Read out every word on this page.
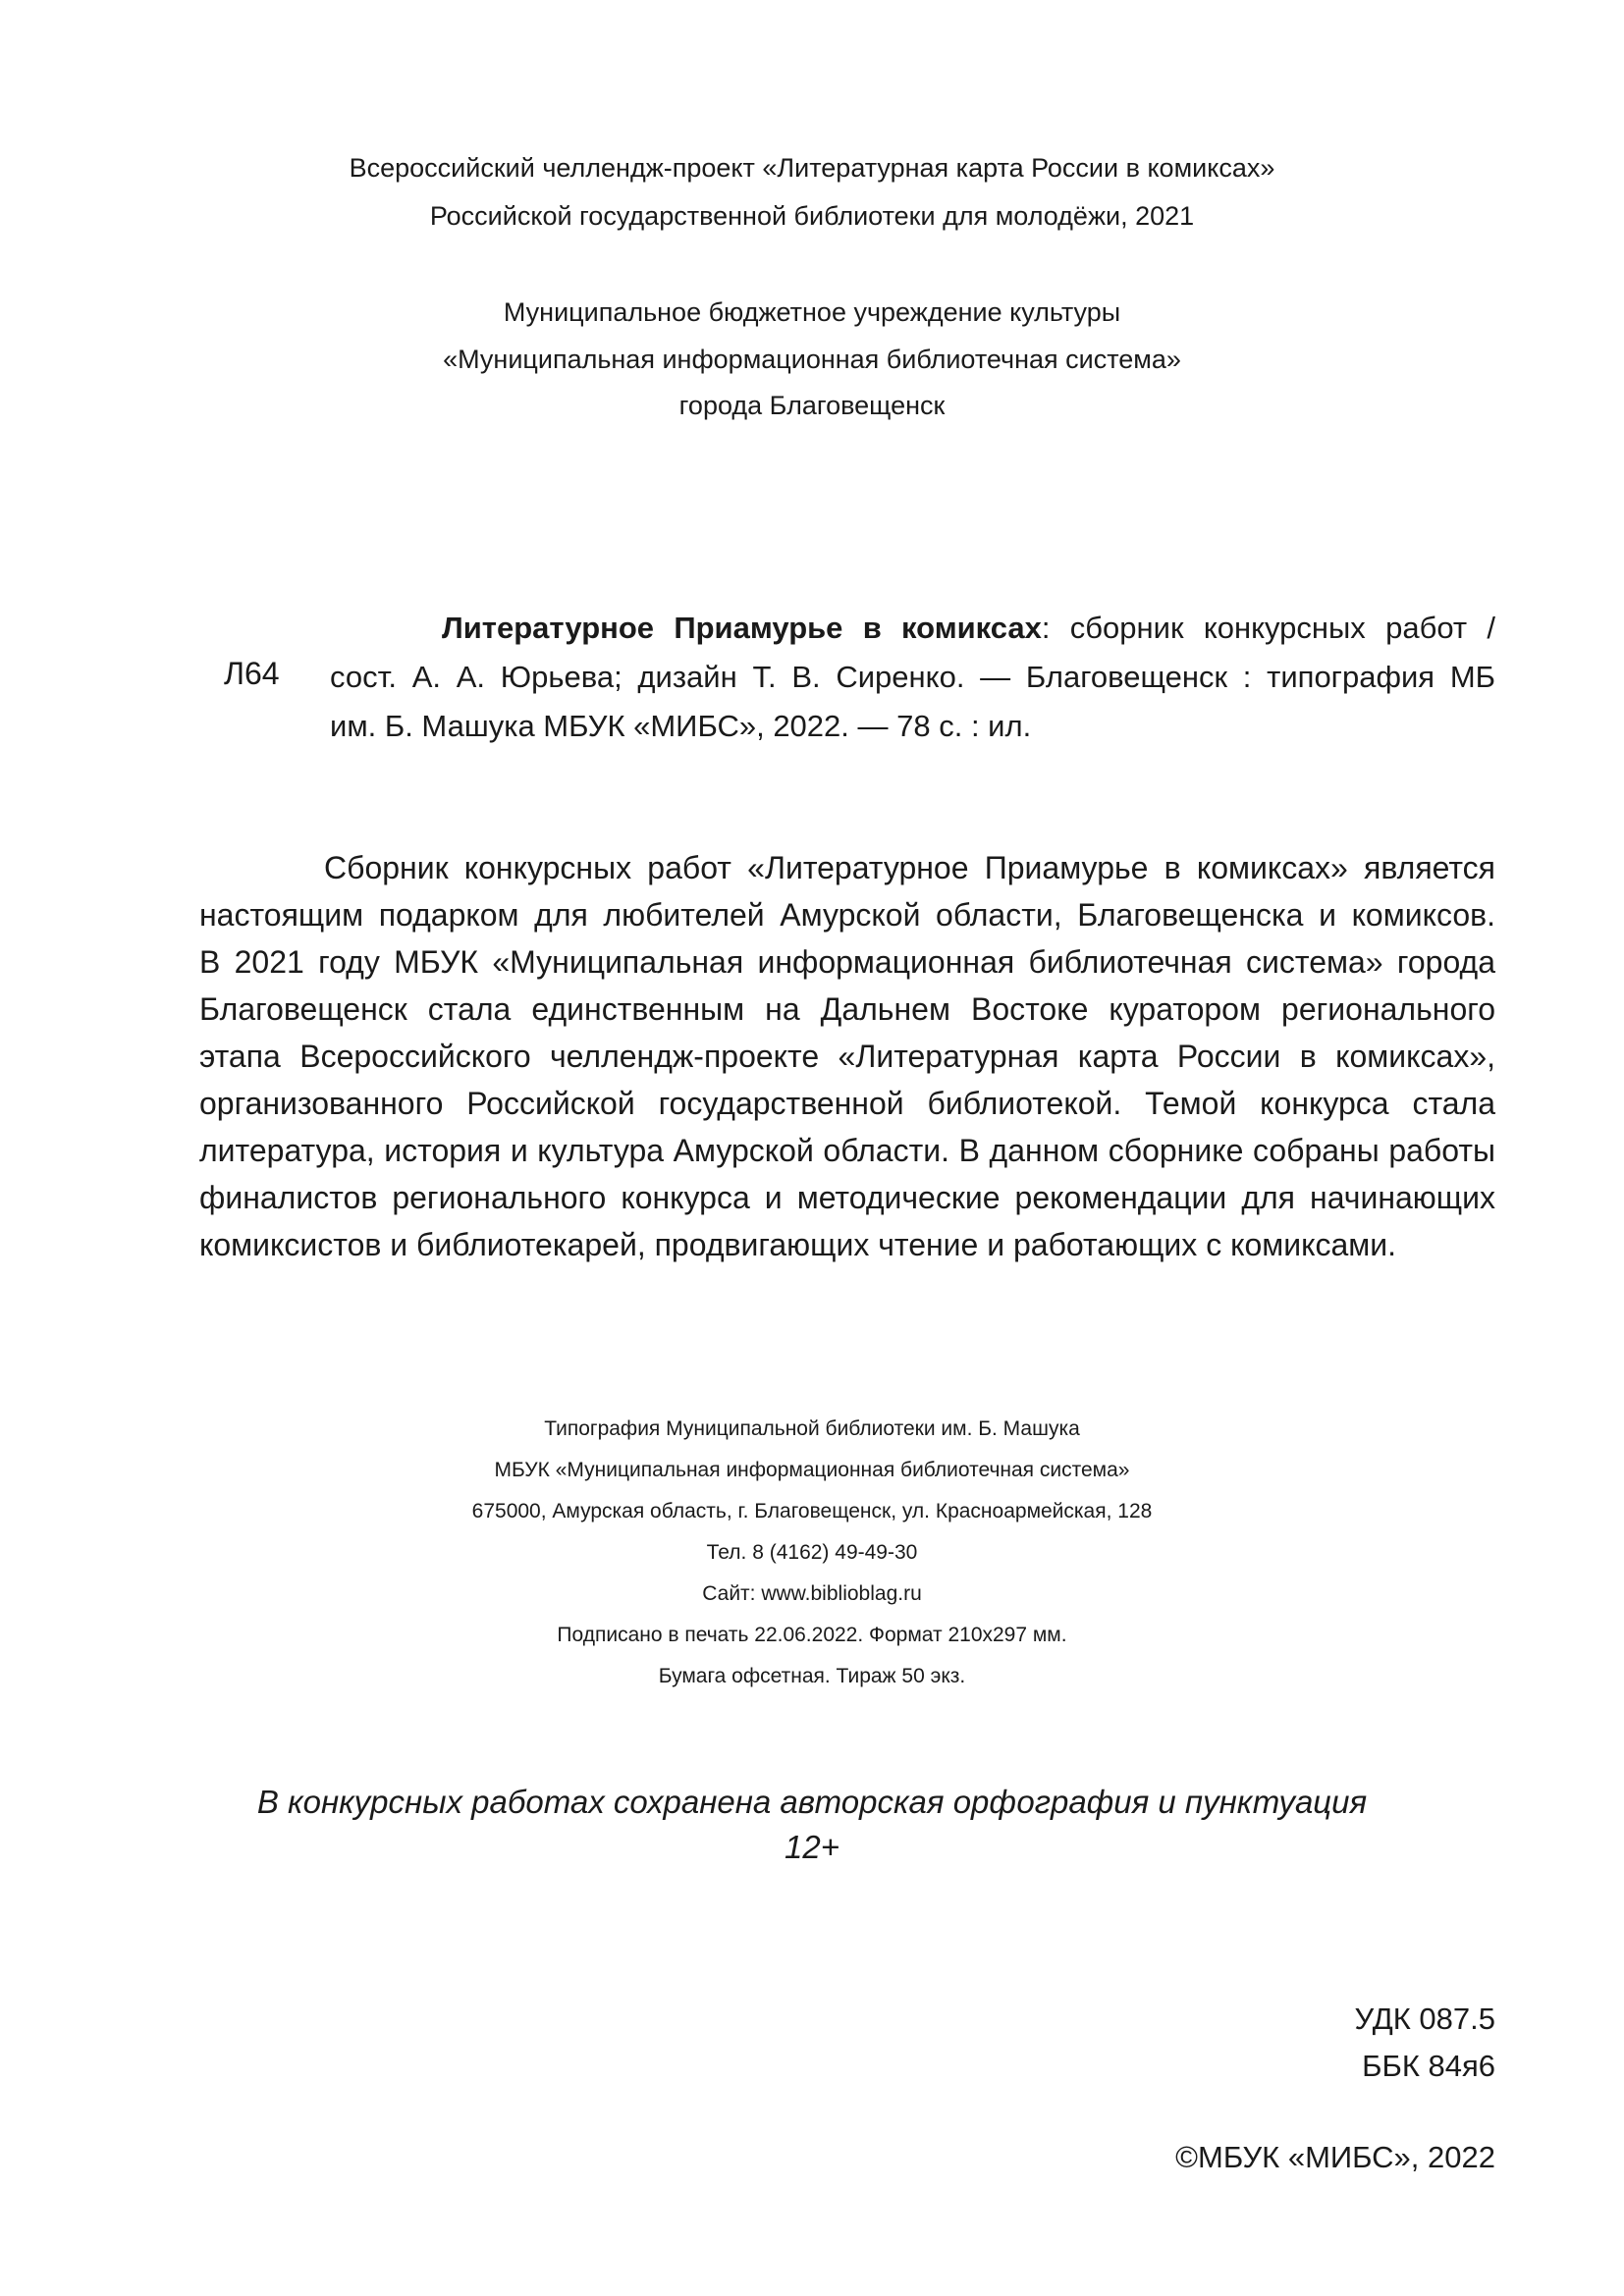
Всероссийский челлендж-проект «Литературная карта России в комиксах»
Российской государственной библиотеки для молодёжи, 2021
Муниципальное бюджетное учреждение культуры
«Муниципальная информационная библиотечная система»
города Благовещенск
Л64
Литературное Приамурье в комиксах: сборник конкурсных работ /
сост. А. А. Юрьева; дизайн Т. В. Сиренко. — Благовещенск : типография МБ
им. Б. Машука МБУК «МИБС», 2022. — 78 с. : ил.
Сборник конкурсных работ «Литературное Приамурье в комиксах» является
настоящим подарком для любителей Амурской области, Благовещенска и комиксов.
В 2021 году МБУК «Муниципальная информационная библиотечная система» города
Благовещенск стала единственным на Дальнем Востоке куратором регионального
этапа Всероссийского челлендж-проекте «Литературная карта России в комиксах»,
организованного Российской государственной библиотекой. Темой конкурса стала
литература, история и культура Амурской области. В данном сборнике собраны работы
финалистов регионального конкурса и методические рекомендации для начинающих
комиксистов и библиотекарей, продвигающих чтение и работающих с комиксами.
Типография Муниципальной библиотеки им. Б. Машука
МБУК «Муниципальная информационная библиотечная система»
675000, Амурская область, г. Благовещенск, ул. Красноармейская, 128
Тел. 8 (4162) 49-49-30
Сайт: www.biblioblag.ru
Подписано в печать 22.06.2022. Формат 210х297 мм.
Бумага офсетная. Тираж 50 экз.
В конкурсных работах сохранена авторская орфография и пунктуация
12+
УДК 087.5
ББК 84я6
©МБУК «МИБС», 2022
